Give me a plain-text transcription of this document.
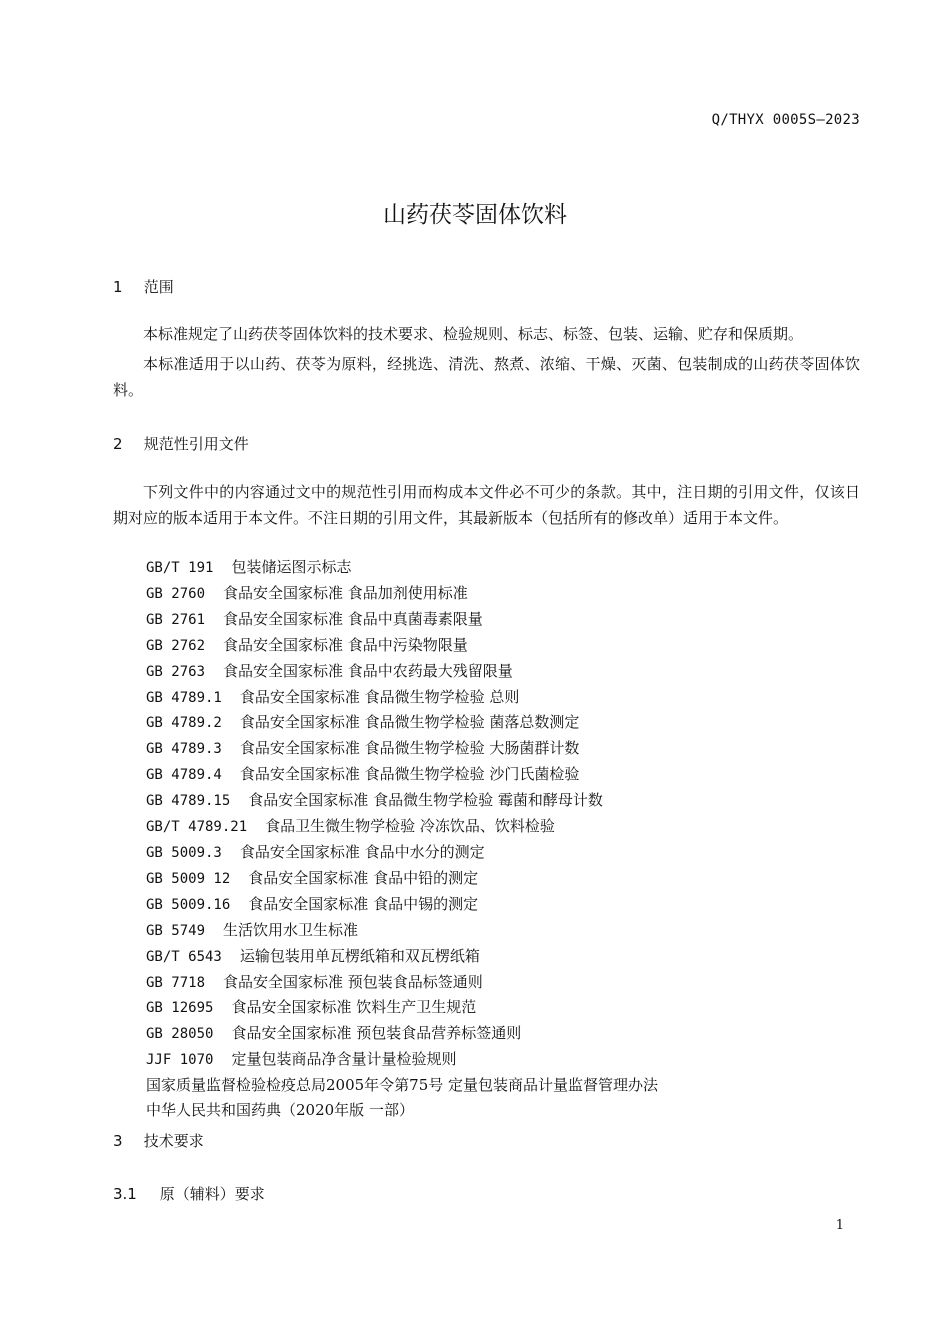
Q/THYX 0005S—2023
山药茯苓固体饮料
1 范围

本标准规定了山药茯苓固体饮料的技术要求、检验规则、标志、标签、包装、运输、贮存和保质期。

本标准适用于以山药、茯苓为原料，经挑选、清洗、熬煮、浓缩、干燥、灭菌、包装制成的山药茯苓固体饮料。

2 规范性引用文件

下列文件中的内容通过文中的规范性引用而构成本文件必不可少的条款。其中，注日期的引用文件，仅该日期对应的版本适用于本文件。不注日期的引用文件，其最新版本（包括所有的修改单）适用于本文件。

GB/T 191 包装储运图示标志
GB 2760 食品安全国家标准 食品加剂使用标准
GB 2761 食品安全国家标准 食品中真菌毒素限量
GB 2762 食品安全国家标准 食品中污染物限量
GB 2763 食品安全国家标准 食品中农药最大残留限量
GB 4789.1 食品安全国家标准 食品微生物学检验 总则
GB 4789.2 食品安全国家标准 食品微生物学检验 菌落总数测定
GB 4789.3 食品安全国家标准 食品微生物学检验 大肠菌群计数
GB 4789.4 食品安全国家标准 食品微生物学检验 沙门氏菌检验
GB 4789.15 食品安全国家标准 食品微生物学检验 霉菌和酵母计数
GB/T 4789.21 食品卫生微生物学检验 冷冻饮品、饮料检验
GB 5009.3 食品安全国家标准 食品中水分的测定
GB 5009 12 食品安全国家标准 食品中铅的测定
GB 5009.16 食品安全国家标准 食品中锡的测定
GB 5749 生活饮用水卫生标准
GB/T 6543 运输包装用单瓦楞纸箱和双瓦楞纸箱
GB 7718 食品安全国家标准 预包装食品标签通则
GB 12695 食品安全国家标准 饮料生产卫生规范
GB 28050 食品安全国家标准 预包装食品营养标签通则
JJF 1070 定量包装商品净含量计量检验规则
国家质量监督检验检疫总局2005年令第75号 定量包装商品计量监督管理办法
中华人民共和国药典（2020年版 一部）
3 技术要求
3.1 原（辅料）要求
1
